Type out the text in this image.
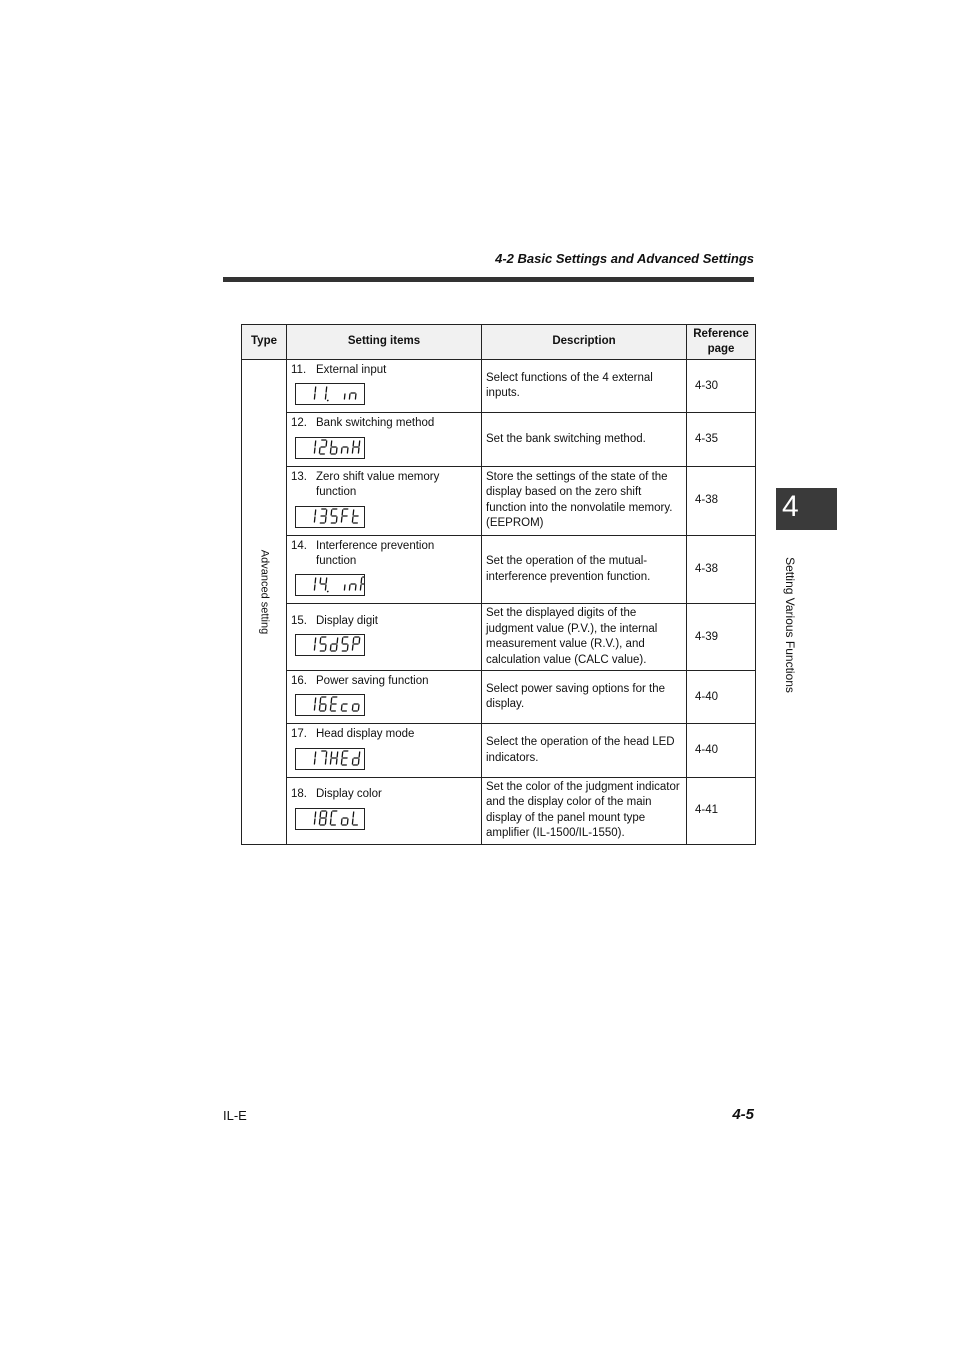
4-2 Basic Settings and Advanced Settings
Type	Setting items	Description	Reference
page

Advanced setting	11. External input	Select functions of the 4 external inputs.	4-30

	12. Bank switching method	Set the bank switching method.	4-35

	13. Zero shift value memory function	Store the settings of the state of the display based on the zero shift function into the nonvolatile memory. (EEPROM)	4-38

	14. Interference prevention function	Set the operation of the mutual-interference prevention function.	4-38

	15. Display digit	Set the displayed digits of the judgment value (P.V.), the internal measurement value (R.V.), and calculation value (CALC value).	4-39

	16. Power saving function	Select power saving options for the display.	4-40

	17. Head display mode	Select the operation of the head LED indicators.	4-40

	18. Display color	Set the color of the judgment indicator and the display color of the main display of the panel mount type amplifier (IL-1500/IL-1550).	4-41
4
Setting Various Functions
IL-E	4-5
